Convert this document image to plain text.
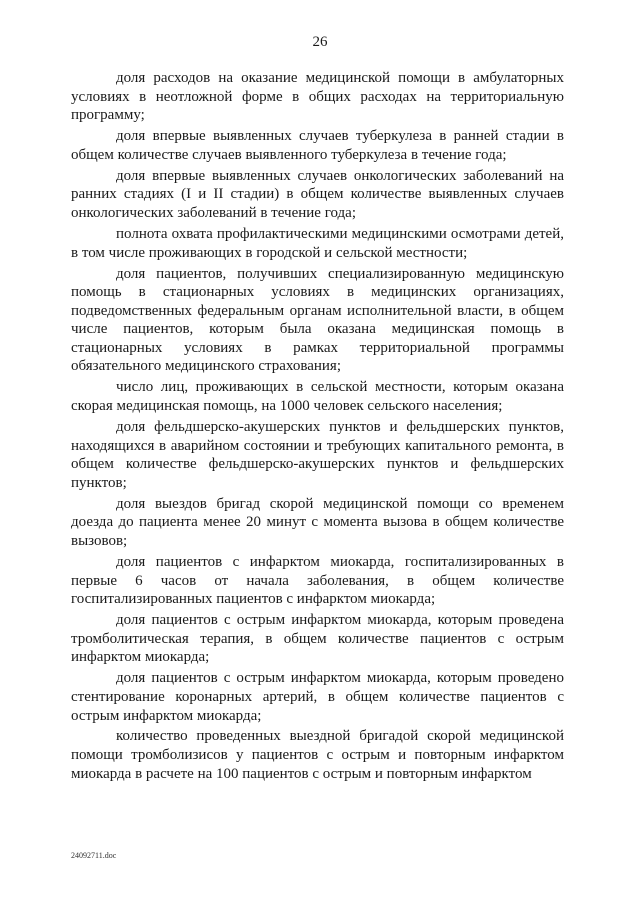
26

доля расходов на оказание медицинской помощи в амбулаторных условиях в неотложной форме в общих расходах на территориальную программу;

доля впервые выявленных случаев туберкулеза в ранней стадии в общем количестве случаев выявленного туберкулеза в течение года;

доля впервые выявленных случаев онкологических заболеваний на ранних стадиях (I и II стадии) в общем количестве выявленных случаев онкологических заболеваний в течение года;

полнота охвата профилактическими медицинскими осмотрами детей, в том числе проживающих в городской и сельской местности;

доля пациентов, получивших специализированную медицинскую помощь в стационарных условиях в медицинских организациях, подведомственных федеральным органам исполнительной власти, в общем числе пациентов, которым была оказана медицинская помощь в стационарных условиях в рамках территориальной программы обязательного медицинского страхования;

число лиц, проживающих в сельской местности, которым оказана скорая медицинская помощь, на 1000 человек сельского населения;

доля фельдшерско-акушерских пунктов и фельдшерских пунктов, находящихся в аварийном состоянии и требующих капитального ремонта, в общем количестве фельдшерско-акушерских пунктов и фельдшерских пунктов;

доля выездов бригад скорой медицинской помощи со временем доезда до пациента менее 20 минут с момента вызова в общем количестве вызовов;

доля пациентов с инфарктом миокарда, госпитализированных в первые 6 часов от начала заболевания, в общем количестве госпитализированных пациентов с инфарктом миокарда;

доля пациентов с острым инфарктом миокарда, которым проведена тромболитическая терапия, в общем количестве пациентов с острым инфарктом миокарда;

доля пациентов с острым инфарктом миокарда, которым проведено стентирование коронарных артерий, в общем количестве пациентов с острым инфарктом миокарда;

количество проведенных выездной бригадой скорой медицинской помощи тромболизисов у пациентов с острым и повторным инфарктом миокарда в расчете на 100 пациентов с острым и повторным инфарктом

24092711.doc
